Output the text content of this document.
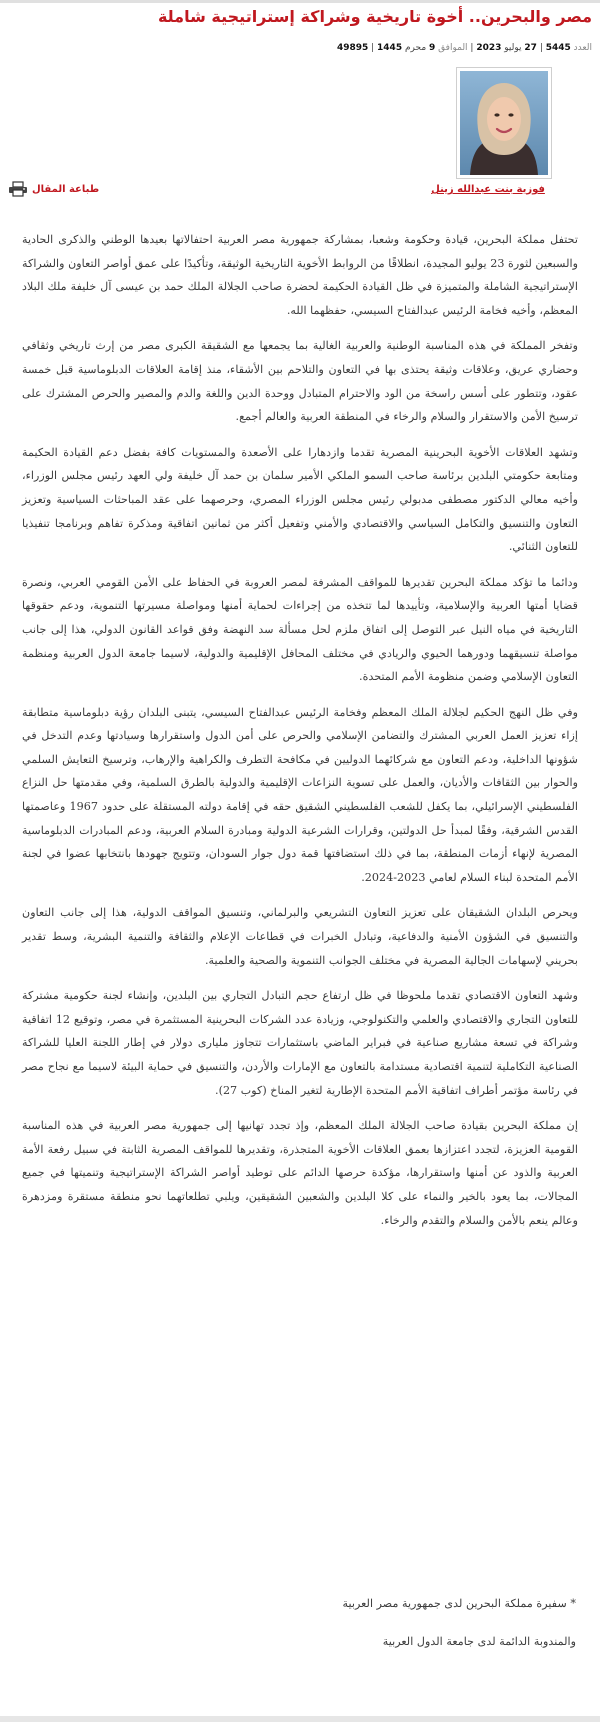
مصر والبحرين.. أخوة تاريخية وشراكة إستراتيجية شاملة
العدد 5445 | 27 يوليو 2023 | الموافق 9 محرم 1445 | 49895
فوزية بنت عبدالله زينل
طباعة المقال

تحتفل مملكة البحرين، قيادة وحكومة وشعبا، بمشاركة جمهورية مصر العربية احتفالاتها بعيدها الوطني والذكرى الحادية والسبعين لثورة 23 يوليو المجيدة، انطلاقًا من الروابط الأخوية التاريخية الوثيقة، وتأكيدًا على عمق أواصر التعاون والشراكة الإستراتيجية الشاملة والمتميزة في ظل القيادة الحكيمة لحضرة صاحب الجلالة الملك حمد بن عيسى آل خليفة ملك البلاد المعظم، وأخيه فخامة الرئيس عبدالفتاح السيسي، حفظهما الله.

وتفخر المملكة في هذه المناسبة الوطنية والعربية الغالية بما يجمعها مع الشقيقة الكبرى مصر من إرث تاريخي وثقافي وحضاري عريق، وعلاقات وثيقة يحتذى بها في التعاون والتلاحم بين الأشقاء، منذ إقامة العلاقات الدبلوماسية قبل خمسة عقود، وتتطور على أسس راسخة من الود والاحترام المتبادل ووحدة الدين واللغة والدم والمصير والحرص المشترك على ترسيخ الأمن والاستقرار والسلام والرخاء في المنطقة العربية والعالم أجمع.

وتشهد العلاقات الأخوية البحرينية المصرية تقدما وازدهارا على الأصعدة والمستويات كافة بفضل دعم القيادة الحكيمة ومتابعة حكومتي البلدين برئاسة صاحب السمو الملكي الأمير سلمان بن حمد آل خليفة ولي العهد رئيس مجلس الوزراء، وأخيه معالي الدكتور مصطفى مدبولي رئيس مجلس الوزراء المصري، وحرصهما على عقد المباحثات السياسية وتعزيز التعاون والتنسيق والتكامل السياسي والاقتصادي والأمني وتفعيل أكثر من ثمانين اتفاقية ومذكرة تفاهم وبرنامجا تنفيذيا للتعاون الثنائي.

ودائما ما تؤكد مملكة البحرين تقديرها للمواقف المشرفة لمصر العروبة في الحفاظ على الأمن القومي العربي، ونصرة قضايا أمتها العربية والإسلامية، وتأييدها لما تتخذه من إجراءات لحماية أمنها ومواصلة مسيرتها التنموية، ودعم حقوقها التاريخية في مياه النيل عبر التوصل إلى اتفاق ملزم لحل مسألة سد النهضة وفق قواعد القانون الدولي، هذا إلى جانب مواصلة تنسيقهما ودورهما الحيوي والريادي في مختلف المحافل الإقليمية والدولية، لاسيما جامعة الدول العربية ومنظمة التعاون الإسلامي وضمن منظومة الأمم المتحدة.

وفي ظل النهج الحكيم لجلالة الملك المعظم وفخامة الرئيس عبدالفتاح السيسي، يتبنى البلدان رؤية دبلوماسية متطابقة إزاء تعزيز العمل العربي المشترك والتضامن الإسلامي والحرص على أمن الدول واستقرارها وسيادتها وعدم التدخل في شؤونها الداخلية، ودعم التعاون مع شركائهما الدوليين في مكافحة التطرف والكراهية والإرهاب، وترسيخ التعايش السلمي والحوار بين الثقافات والأديان، والعمل على تسوية النزاعات الإقليمية والدولية بالطرق السلمية، وفي مقدمتها حل النزاع الفلسطيني الإسرائيلي، بما يكفل للشعب الفلسطيني الشقيق حقه في إقامة دولته المستقلة على حدود 1967 وعاصمتها القدس الشرقية، وفقًا لمبدأ حل الدولتين، وقرارات الشرعية الدولية ومبادرة السلام العربية، ودعم المبادرات الدبلوماسية المصرية لإنهاء أزمات المنطقة، بما في ذلك استضافتها قمة دول جوار السودان، وتتويج جهودها بانتخابها عضوا في لجنة الأمم المتحدة لبناء السلام لعامي 2023-2024.

ويحرص البلدان الشقيقان على تعزيز التعاون التشريعي والبرلماني، وتنسيق المواقف الدولية، هذا إلى جانب التعاون والتنسيق في الشؤون الأمنية والدفاعية، وتبادل الخبرات في قطاعات الإعلام والثقافة والتنمية البشرية، وسط تقدير بحريني لإسهامات الجالية المصرية في مختلف الجوانب التنموية والصحية والعلمية.

وشهد التعاون الاقتصادي تقدما ملحوظا في ظل ارتفاع حجم التبادل التجاري بين البلدين، وإنشاء لجنة حكومية مشتركة للتعاون التجاري والاقتصادي والعلمي والتكنولوجي، وزيادة عدد الشركات البحرينية المستثمرة في مصر، وتوقيع 12 اتفاقية وشراكة في تسعة مشاريع صناعية في فبراير الماضي باستثمارات تتجاوز مليارى دولار في إطار اللجنة العليا للشراكة الصناعية التكاملية لتنمية اقتصادية مستدامة بالتعاون مع الإمارات والأردن، والتنسيق في حماية البيئة لاسيما مع نجاح مصر في رئاسة مؤتمر أطراف اتفاقية الأمم المتحدة الإطارية لتغير المناخ (كوب 27).

إن مملكة البحرين بقيادة صاحب الجلالة الملك المعظم، وإذ تجدد تهانيها إلى جمهورية مصر العربية في هذه المناسبة القومية العزيزة، لتجدد اعتزازها بعمق العلاقات الأخوية المتجذرة، وتقديرها للمواقف المصرية الثابتة في سبيل رفعة الأمة العربية والذود عن أمنها واستقرارها، مؤكدة حرصها الدائم على توطيد أواصر الشراكة الإستراتيجية وتنميتها في جميع المجالات، بما يعود بالخير والنماء على كلا البلدين والشعبين الشقيقين، ويلبي تطلعاتهما نحو منطقة مستقرة ومزدهرة وعالم ينعم بالأمن والسلام والتقدم والرخاء.

* سفيرة مملكة البحرين لدى جمهورية مصر العربية
والمندوبة الدائمة لدى جامعة الدول العربية
